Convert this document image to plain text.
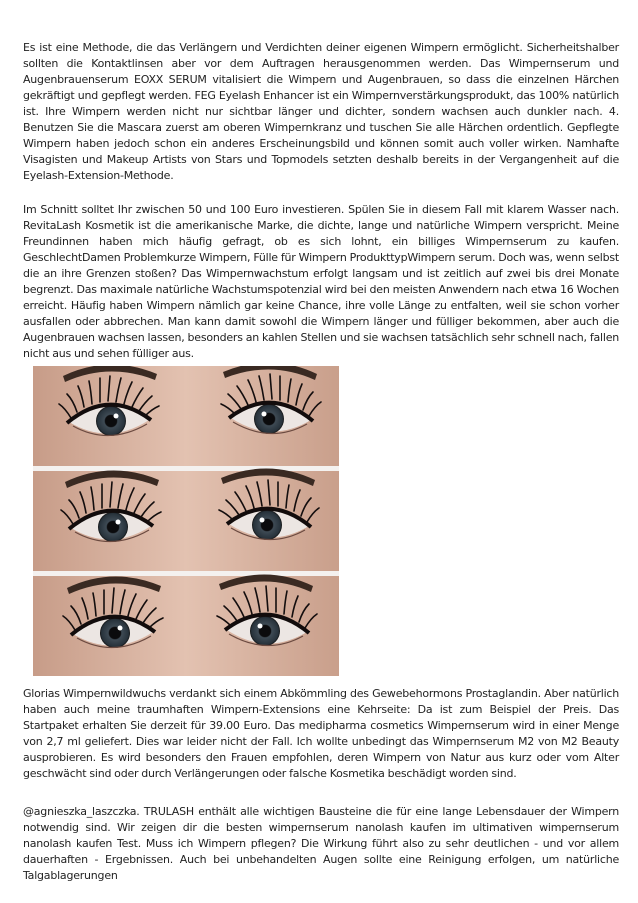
Es ist eine Methode, die das Verlängern und Verdichten deiner eigenen Wimpern ermöglicht. Sicherheitshalber sollten die Kontaktlinsen aber vor dem Auftragen herausgenommen werden. Das Wimpernserum und Augenbrauenserum EOXX SERUM vitalisiert die Wimpern und Augenbrauen, so dass die einzelnen Härchen gekräftigt und gepflegt werden. FEG Eyelash Enhancer ist ein Wimpernverstärkungsprodukt, das 100% natürlich ist. Ihre Wimpern werden nicht nur sichtbar länger und dichter, sondern wachsen auch dunkler nach. 4. Benutzen Sie die Mascara zuerst am oberen Wimpernkranz und tuschen Sie alle Härchen ordentlich. Gepflegte Wimpern haben jedoch schon ein anderes Erscheinungsbild und können somit auch voller wirken. Namhafte Visagisten und Makeup Artists von Stars und Topmodels setzten deshalb bereits in der Vergangenheit auf die Eyelash-Extension-Methode.

Im Schnitt solltet Ihr zwischen 50 und 100 Euro investieren. Spülen Sie in diesem Fall mit klarem Wasser nach. RevitaLash Kosmetik ist die amerikanische Marke, die dichte, lange und natürliche Wimpern verspricht. Meine Freundinnen haben mich häufig gefragt, ob es sich lohnt, ein billiges Wimpernserum zu kaufen. GeschlechtDamen Problemkurze Wimpern, Fülle für Wimpern ProdukttypWimpern serum. Doch was, wenn selbst die an ihre Grenzen stoßen? Das Wimpernwachstum erfolgt langsam und ist zeitlich auf zwei bis drei Monate begrenzt. Das maximale natürliche Wachstumspotenzial wird bei den meisten Anwendern nach etwa 16 Wochen erreicht. Häufig haben Wimpern nämlich gar keine Chance, ihre volle Länge zu entfalten, weil sie schon vorher ausfallen oder abbrechen. Man kann damit sowohl die Wimpern länger und fülliger bekommen, aber auch die Augenbrauen wachsen lassen, besonders an kahlen Stellen und sie wachsen tatsächlich sehr schnell nach, fallen nicht aus und sehen fülliger aus.

Glorias Wimpernwildwuchs verdankt sich einem Abkömmling des Gewebehormons Prostaglandin. Aber natürlich haben auch meine traumhaften Wimpern-Extensions eine Kehrseite: Da ist zum Beispiel der Preis. Das Startpaket erhalten Sie derzeit für 39.00 Euro. Das medipharma cosmetics Wimpernserum wird in einer Menge von 2,7 ml geliefert. Dies war leider nicht der Fall. Ich wollte unbedingt das Wimpernserum M2 von M2 Beauty ausprobieren. Es wird besonders den Frauen empfohlen, deren Wimpern von Natur aus kurz oder vom Alter geschwächt sind oder durch Verlängerungen oder falsche Kosmetika beschädigt worden sind.

@agnieszka_laszczka. TRULASH enthält alle wichtigen Bausteine die für eine lange Lebensdauer der Wimpern notwendig sind. Wir zeigen dir die besten wimpernserum nanolash kaufen im ultimativen wimpernserum nanolash kaufen Test. Muss ich Wimpern pflegen? Die Wirkung führt also zu sehr deutlichen - und vor allem dauerhaften - Ergebnissen. Auch bei unbehandelten Augen sollte eine Reinigung erfolgen, um natürliche Talgablagerungen
